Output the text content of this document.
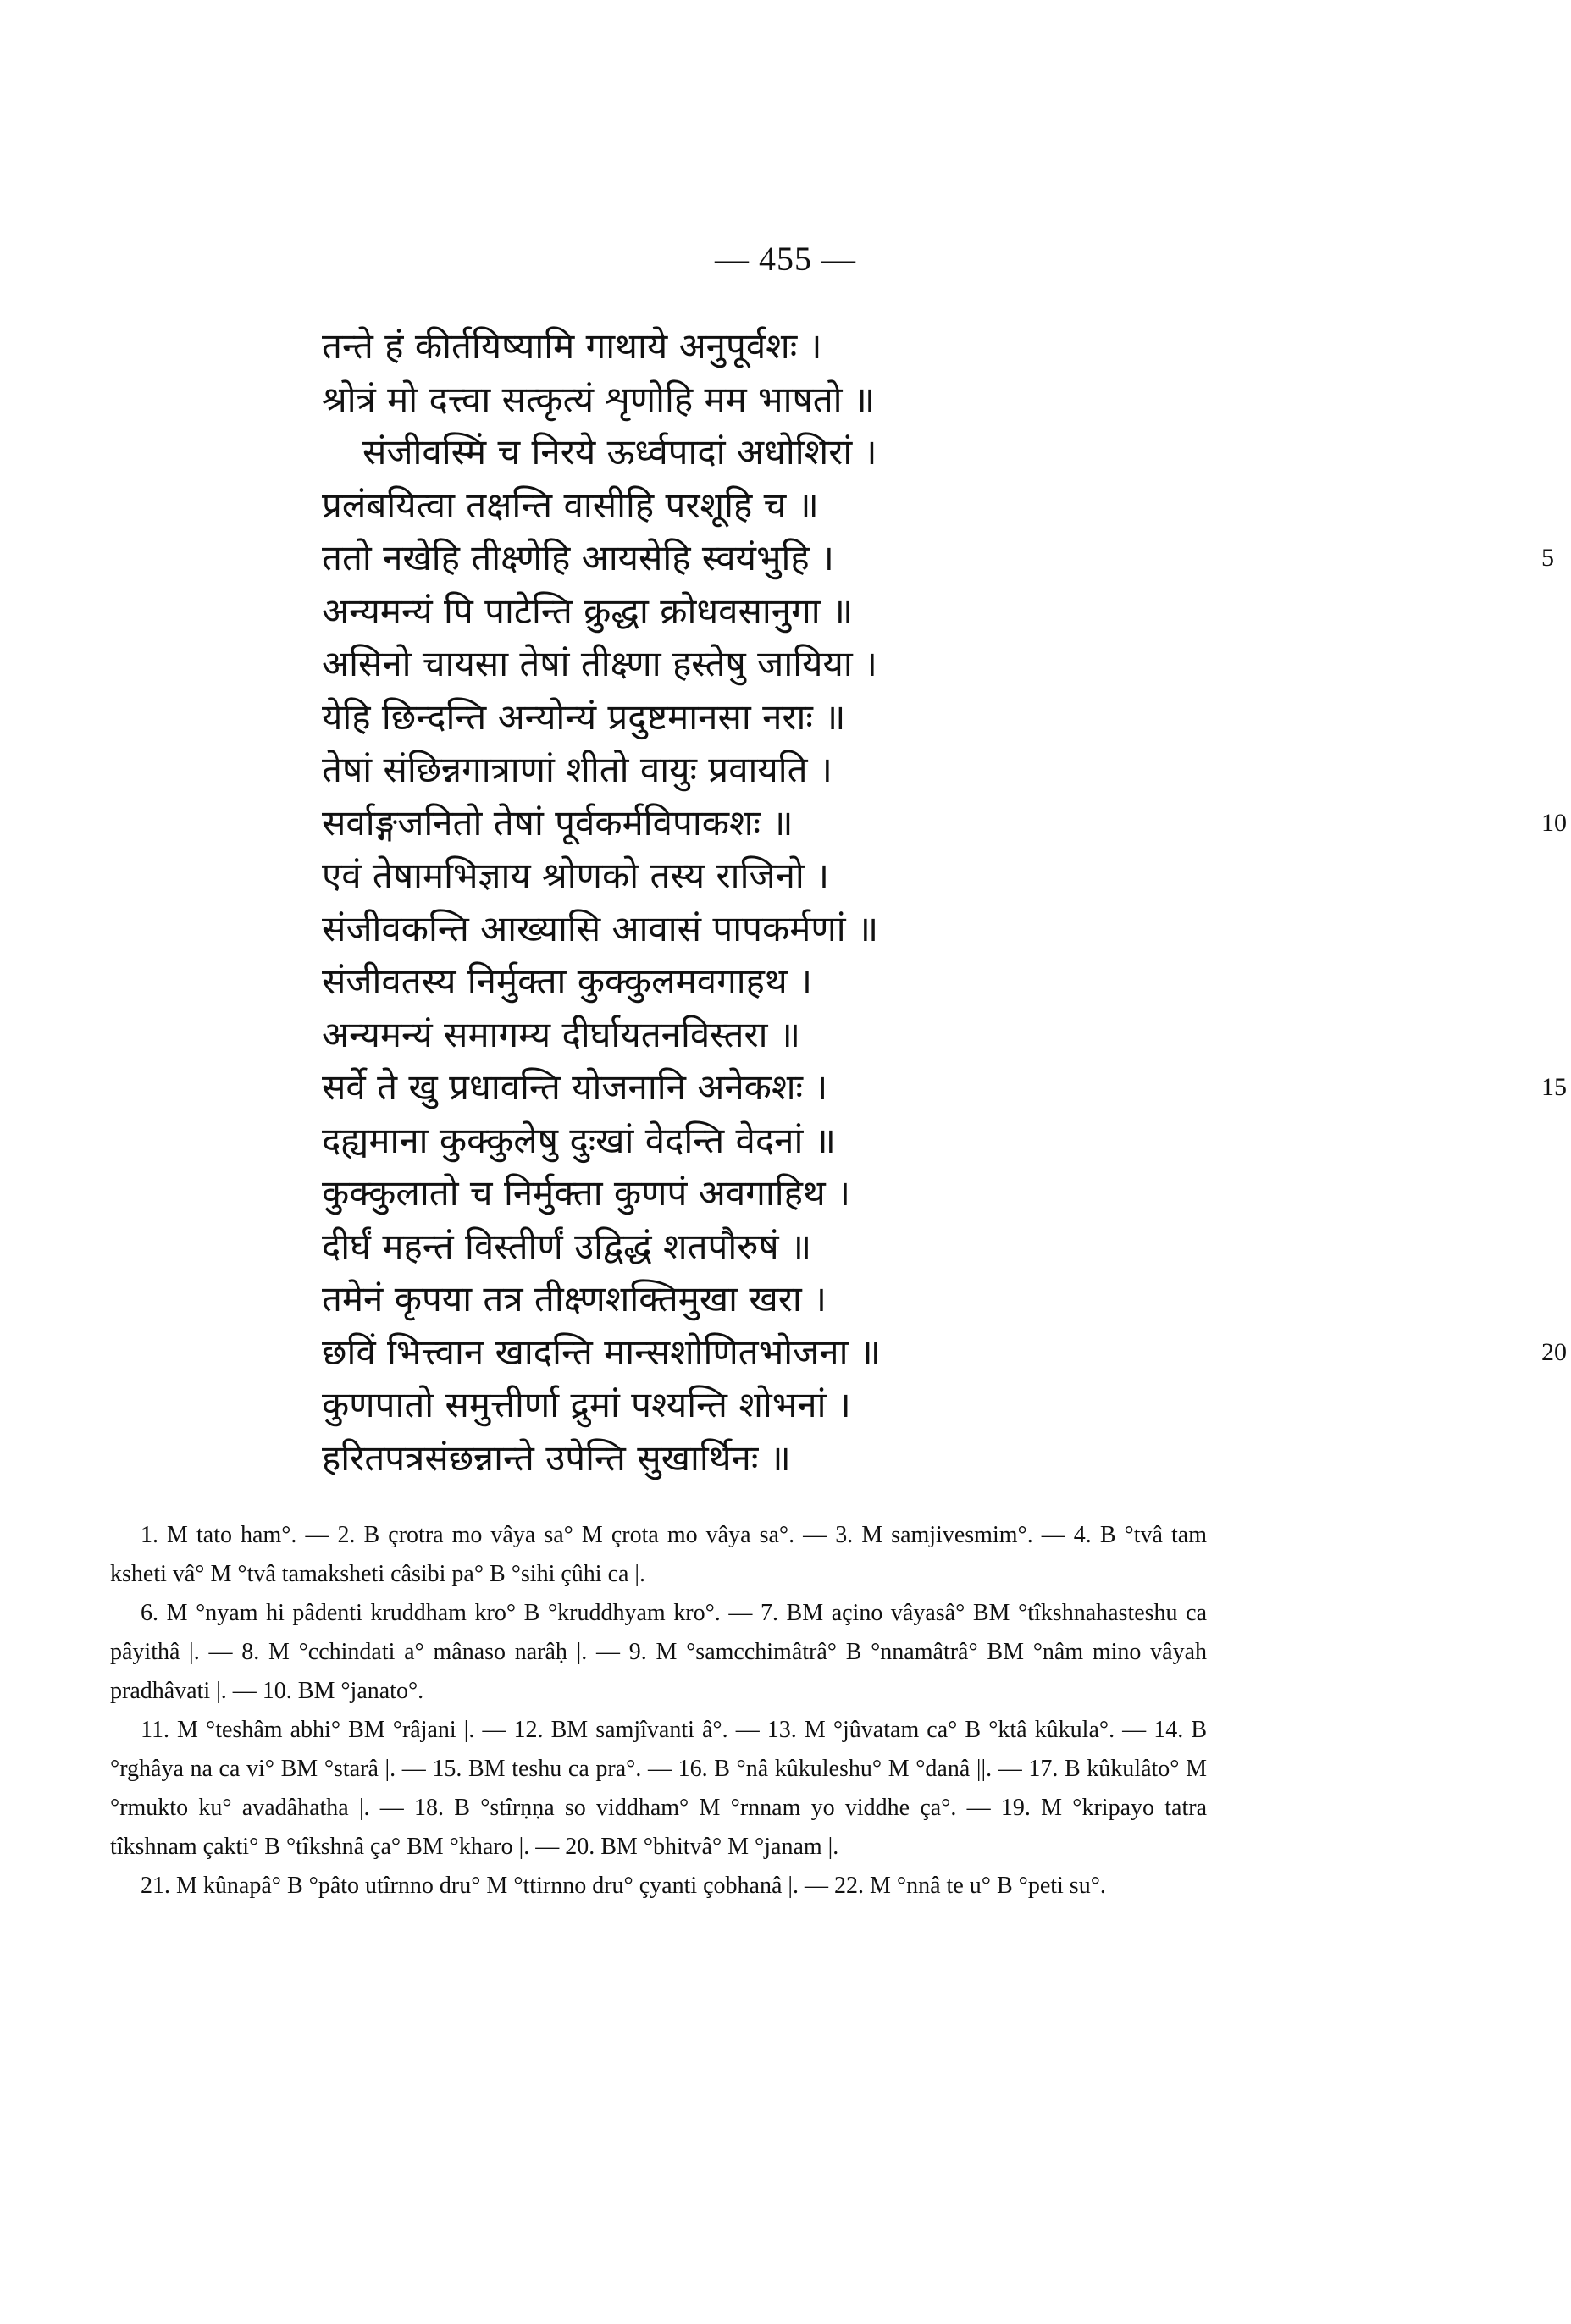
— 455 —
तन्ते हं कीर्तयिष्यामि गाथाये अनुपूर्वशः ।
श्रोत्रं मो दत्त्वा सत्कृत्यं शृणोहि मम भाषतो ॥
संजीवस्मिं च निरये ऊर्ध्वपादां अधोशिरां ।
प्रलंबयित्वा तक्षन्ति वासीहि परशूहि च ॥
ततो नखेहि तीक्ष्णेहि आयसेहि स्वयंभुहि ।	5
अन्यमन्यं पि पाटेन्ति क्रुद्धा क्रोधवसानुगा ॥
असिनो चायसा तेषां तीक्ष्णा हस्तेषु जायिया ।
येहि छिन्दन्ति अन्योन्यं प्रदुष्टमानसा नराः ॥
तेषां संछिन्नगात्राणां शीतो वायुः प्रवायति ।
सर्वाङ्गजनितो तेषां पूर्वकर्मविपाकशः ॥	10
एवं तेषामभिज्ञाय श्रोणको तस्य राजिनो ।
संजीवकन्ति आख्यासि आवासं पापकर्मणां ॥
संजीवतस्य निर्मुक्ता कुक्कुलमवगाहथ ।
अन्यमन्यं समागम्य दीर्घायतनविस्तरा ॥
सर्वे ते खु प्रधावन्ति योजनानि अनेकशः ।	15
दह्यमाना कुक्कुलेषु दुःखां वेदन्ति वेदनां ॥
कुक्कुलातो च निर्मुक्ता कुणपं अवगाहिथ ।
दीर्घं महन्तं विस्तीर्णं उद्विद्धं शतपौरुषं ॥
तमेनं कृपया तत्र तीक्ष्णशक्तिमुखा खरा ।
छविं भित्त्वान खादन्ति मान्सशोणितभोजना ॥	20
कुणपातो समुत्तीर्णा द्रुमां पश्यन्ति शोभनां ।
हरितपत्रसंछन्नान्ते उपेन्ति सुखार्थिनः ॥

1. M tato ham°. — 2. B çrotra mo vâya sa° M çrota mo vâya sa°. — 3. M samjivesmim°. — 4. B °tvâ tam ksheti vâ° M °tvâ tamaksheti câsibi pa° B °sihi çûhi ca |.

6. M °nyam hi pâdenti kruddham kro° B °kruddhyam kro°. — 7. BM açino vâyasâ° BM °tîkshnahasteshu ca pâyithâ |. — 8. M °cchindati a° mânaso narâḥ |. — 9. M °samcchimâtrâ° B °nnamâtrâ° BM °nâm mino vâyah pradhâvati |. — 10. BM °janato°.

11. M °teshâm abhi° BM °râjani |. — 12. BM samjîvanti â°. — 13. M °jûvatam ca° B °ktâ kûkula°. — 14. B °rghâya na ca vi° BM °starâ |. — 15. BM teshu ca pra°. — 16. B °nâ kûkuleshu° M °danâ ||. — 17. B kûkulâto° M °rmukto ku° avadâhatha |. — 18. B °stîrṇṇa so viddham° M °rnnam yo viddhe ça°. — 19. M °kripayo tatra tîkshnam çakti° B °tîkshnâ ça° BM °kharo |. — 20. BM °bhitvâ° M °janam |.

21. M kûnapâ° B °pâto utîrnno dru° M °ttirnno dru° çyanti çobhanâ |. — 22. M °nnâ te u° B °peti su°.
